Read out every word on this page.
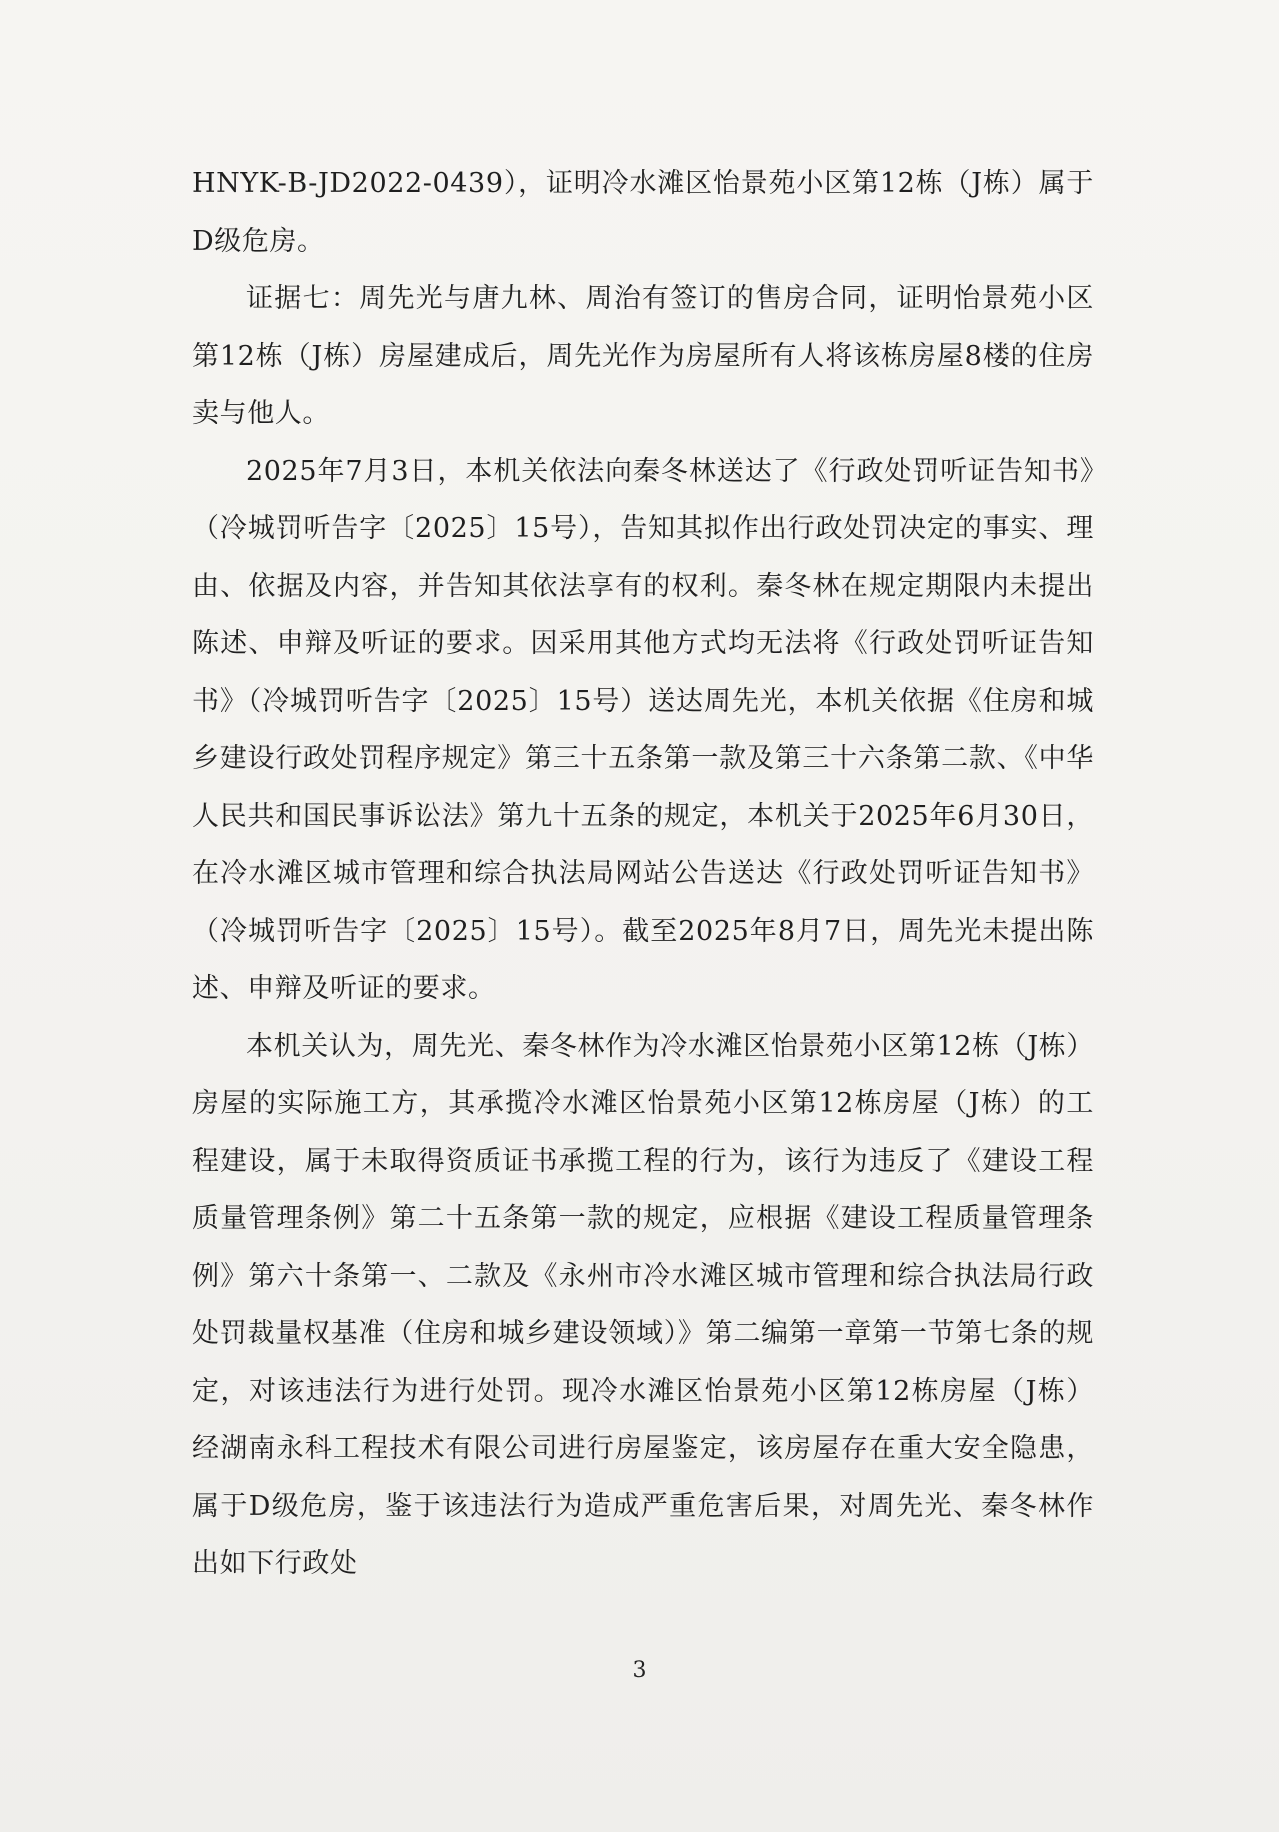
HNYK-B-JD2022-0439），证明冷水滩区怡景苑小区第12栋（J栋）属于D级危房。

证据七：周先光与唐九林、周治有签订的售房合同，证明怡景苑小区第12栋（J栋）房屋建成后，周先光作为房屋所有人将该栋房屋8楼的住房卖与他人。

2025年7月3日，本机关依法向秦冬林送达了《行政处罚听证告知书》（冷城罚听告字〔2025〕15号），告知其拟作出行政处罚决定的事实、理由、依据及内容，并告知其依法享有的权利。秦冬林在规定期限内未提出陈述、申辩及听证的要求。因采用其他方式均无法将《行政处罚听证告知书》（冷城罚听告字〔2025〕15号）送达周先光，本机关依据《住房和城乡建设行政处罚程序规定》第三十五条第一款及第三十六条第二款、《中华人民共和国民事诉讼法》第九十五条的规定，本机关于2025年6月30日，在冷水滩区城市管理和综合执法局网站公告送达《行政处罚听证告知书》（冷城罚听告字〔2025〕15号）。截至2025年8月7日，周先光未提出陈述、申辩及听证的要求。

本机关认为，周先光、秦冬林作为冷水滩区怡景苑小区第12栋（J栋）房屋的实际施工方，其承揽冷水滩区怡景苑小区第12栋房屋（J栋）的工程建设，属于未取得资质证书承揽工程的行为，该行为违反了《建设工程质量管理条例》第二十五条第一款的规定，应根据《建设工程质量管理条例》第六十条第一、二款及《永州市冷水滩区城市管理和综合执法局行政处罚裁量权基准（住房和城乡建设领域）》第二编第一章第一节第七条的规定，对该违法行为进行处罚。现冷水滩区怡景苑小区第12栋房屋（J栋）经湖南永科工程技术有限公司进行房屋鉴定，该房屋存在重大安全隐患，属于D级危房，鉴于该违法行为造成严重危害后果，对周先光、秦冬林作出如下行政处

3
